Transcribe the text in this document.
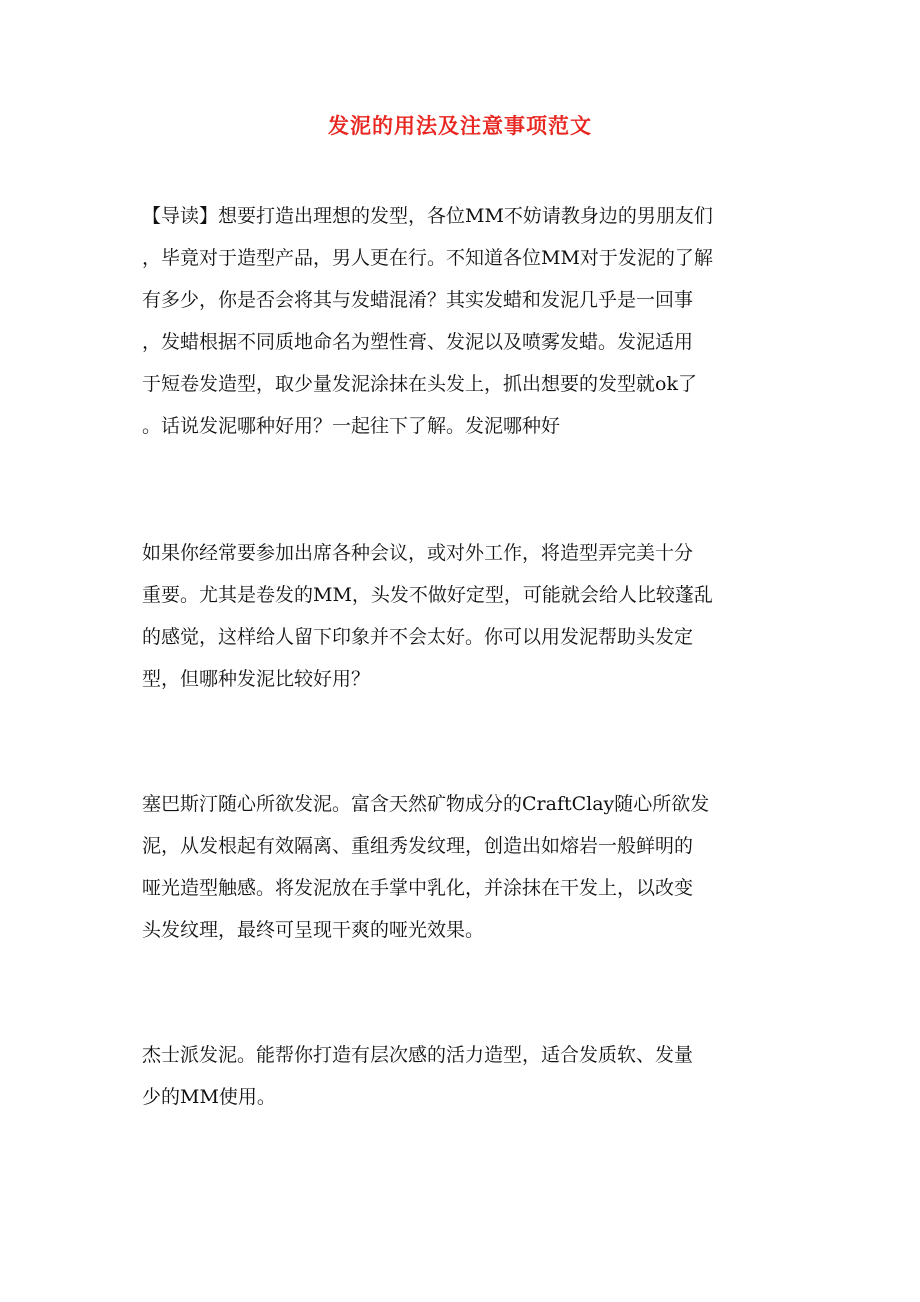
发泥的用法及注意事项范文

【导读】想要打造出理想的发型，各位MM不妨请教身边的男朋友们
，毕竟对于造型产品，男人更在行。不知道各位MM对于发泥的了解
有多少，你是否会将其与发蜡混淆？其实发蜡和发泥几乎是一回事
，发蜡根据不同质地命名为塑性膏、发泥以及喷雾发蜡。发泥适用
于短卷发造型，取少量发泥涂抹在头发上，抓出想要的发型就ok了
。话说发泥哪种好用？一起往下了解。发泥哪种好

如果你经常要参加出席各种会议，或对外工作，将造型弄完美十分
重要。尤其是卷发的MM，头发不做好定型，可能就会给人比较蓬乱
的感觉，这样给人留下印象并不会太好。你可以用发泥帮助头发定
型，但哪种发泥比较好用？

塞巴斯汀随心所欲发泥。富含天然矿物成分的CraftClay随心所欲发
泥，从发根起有效隔离、重组秀发纹理，创造出如熔岩一般鲜明的
哑光造型触感。将发泥放在手掌中乳化，并涂抹在干发上，以改变
头发纹理，最终可呈现干爽的哑光效果。

杰士派发泥。能帮你打造有层次感的活力造型，适合发质软、发量
少的MM使用。
